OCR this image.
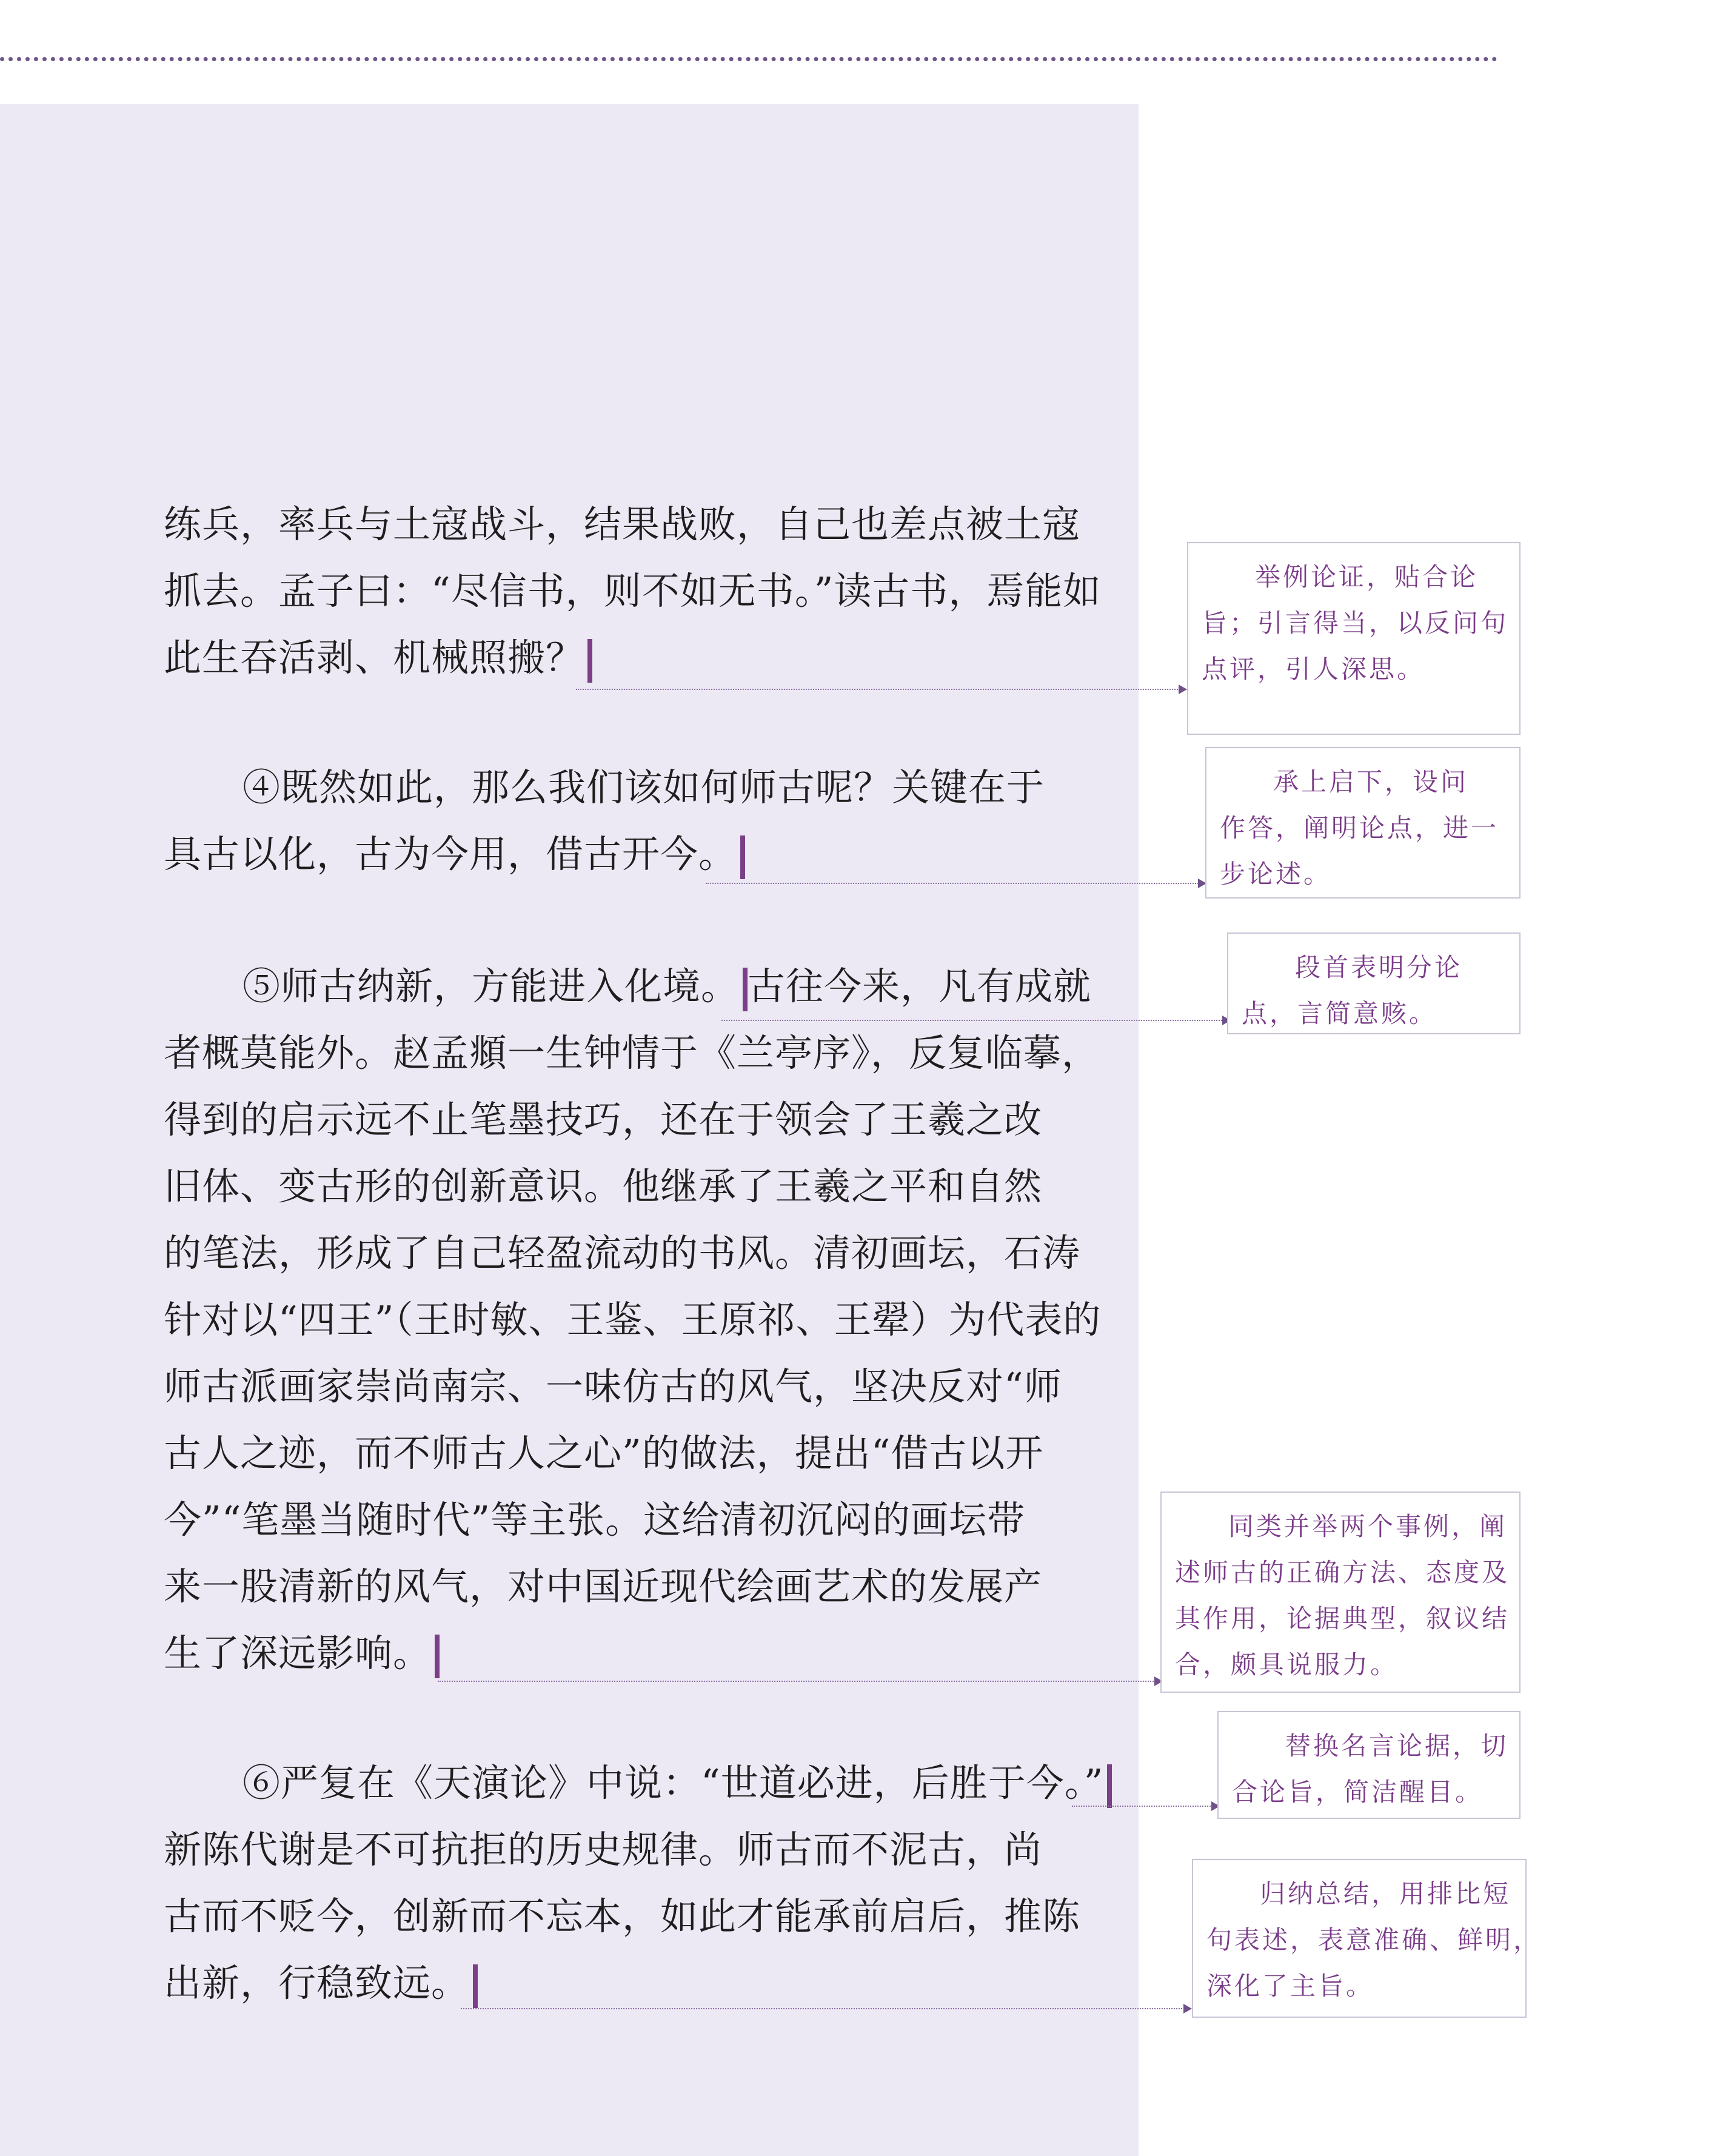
练兵，率兵与土寇战斗，结果战败，自己也差点被土寇
抓去。孟子曰：“尽信书，则不如无书。”读古书，焉能如
此生吞活剥、机械照搬？
④既然如此，那么我们该如何师古呢？关键在于
具古以化，古为今用，借古开今。
⑤师古纳新，方能进入化境。 古往今来，凡有成就
者概莫能外。赵孟頫一生钟情于《兰亭序》，反复临摹，
得到的启示远不止笔墨技巧，还在于领会了王羲之改
旧体、变古形的创新意识。他继承了王羲之平和自然
的笔法，形成了自己轻盈流动的书风。清初画坛，石涛
针对以“四王”（王时敏、王鉴、王原祁、王翚）为代表的
师古派画家崇尚南宗、一味仿古的风气，坚决反对“师
古人之迹，而不师古人之心”的做法，提出“借古以开
今”“笔墨当随时代”等主张。这给清初沉闷的画坛带
来一股清新的风气，对中国近现代绘画艺术的发展产
生了深远影响。
⑥严复在《天演论》中说：“世道必进，后胜于今。”
新陈代谢是不可抗拒的历史规律。师古而不泥古，尚
古而不贬今，创新而不忘本，如此才能承前启后，推陈
出新，行稳致远。
举例论证，贴合论
旨；引言得当，以反问句
点评，引人深思。
承上启下，设问
作答，阐明论点，进一
步论述。
段首表明分论
点，言简意赅。
同类并举两个事例，阐
述师古的正确方法、态度及
其作用，论据典型，叙议结
合，颇具说服力。
替换名言论据，切
合论旨，简洁醒目。
归纳总结，用排比短
句表述，表意准确、鲜明，
深化了主旨。
